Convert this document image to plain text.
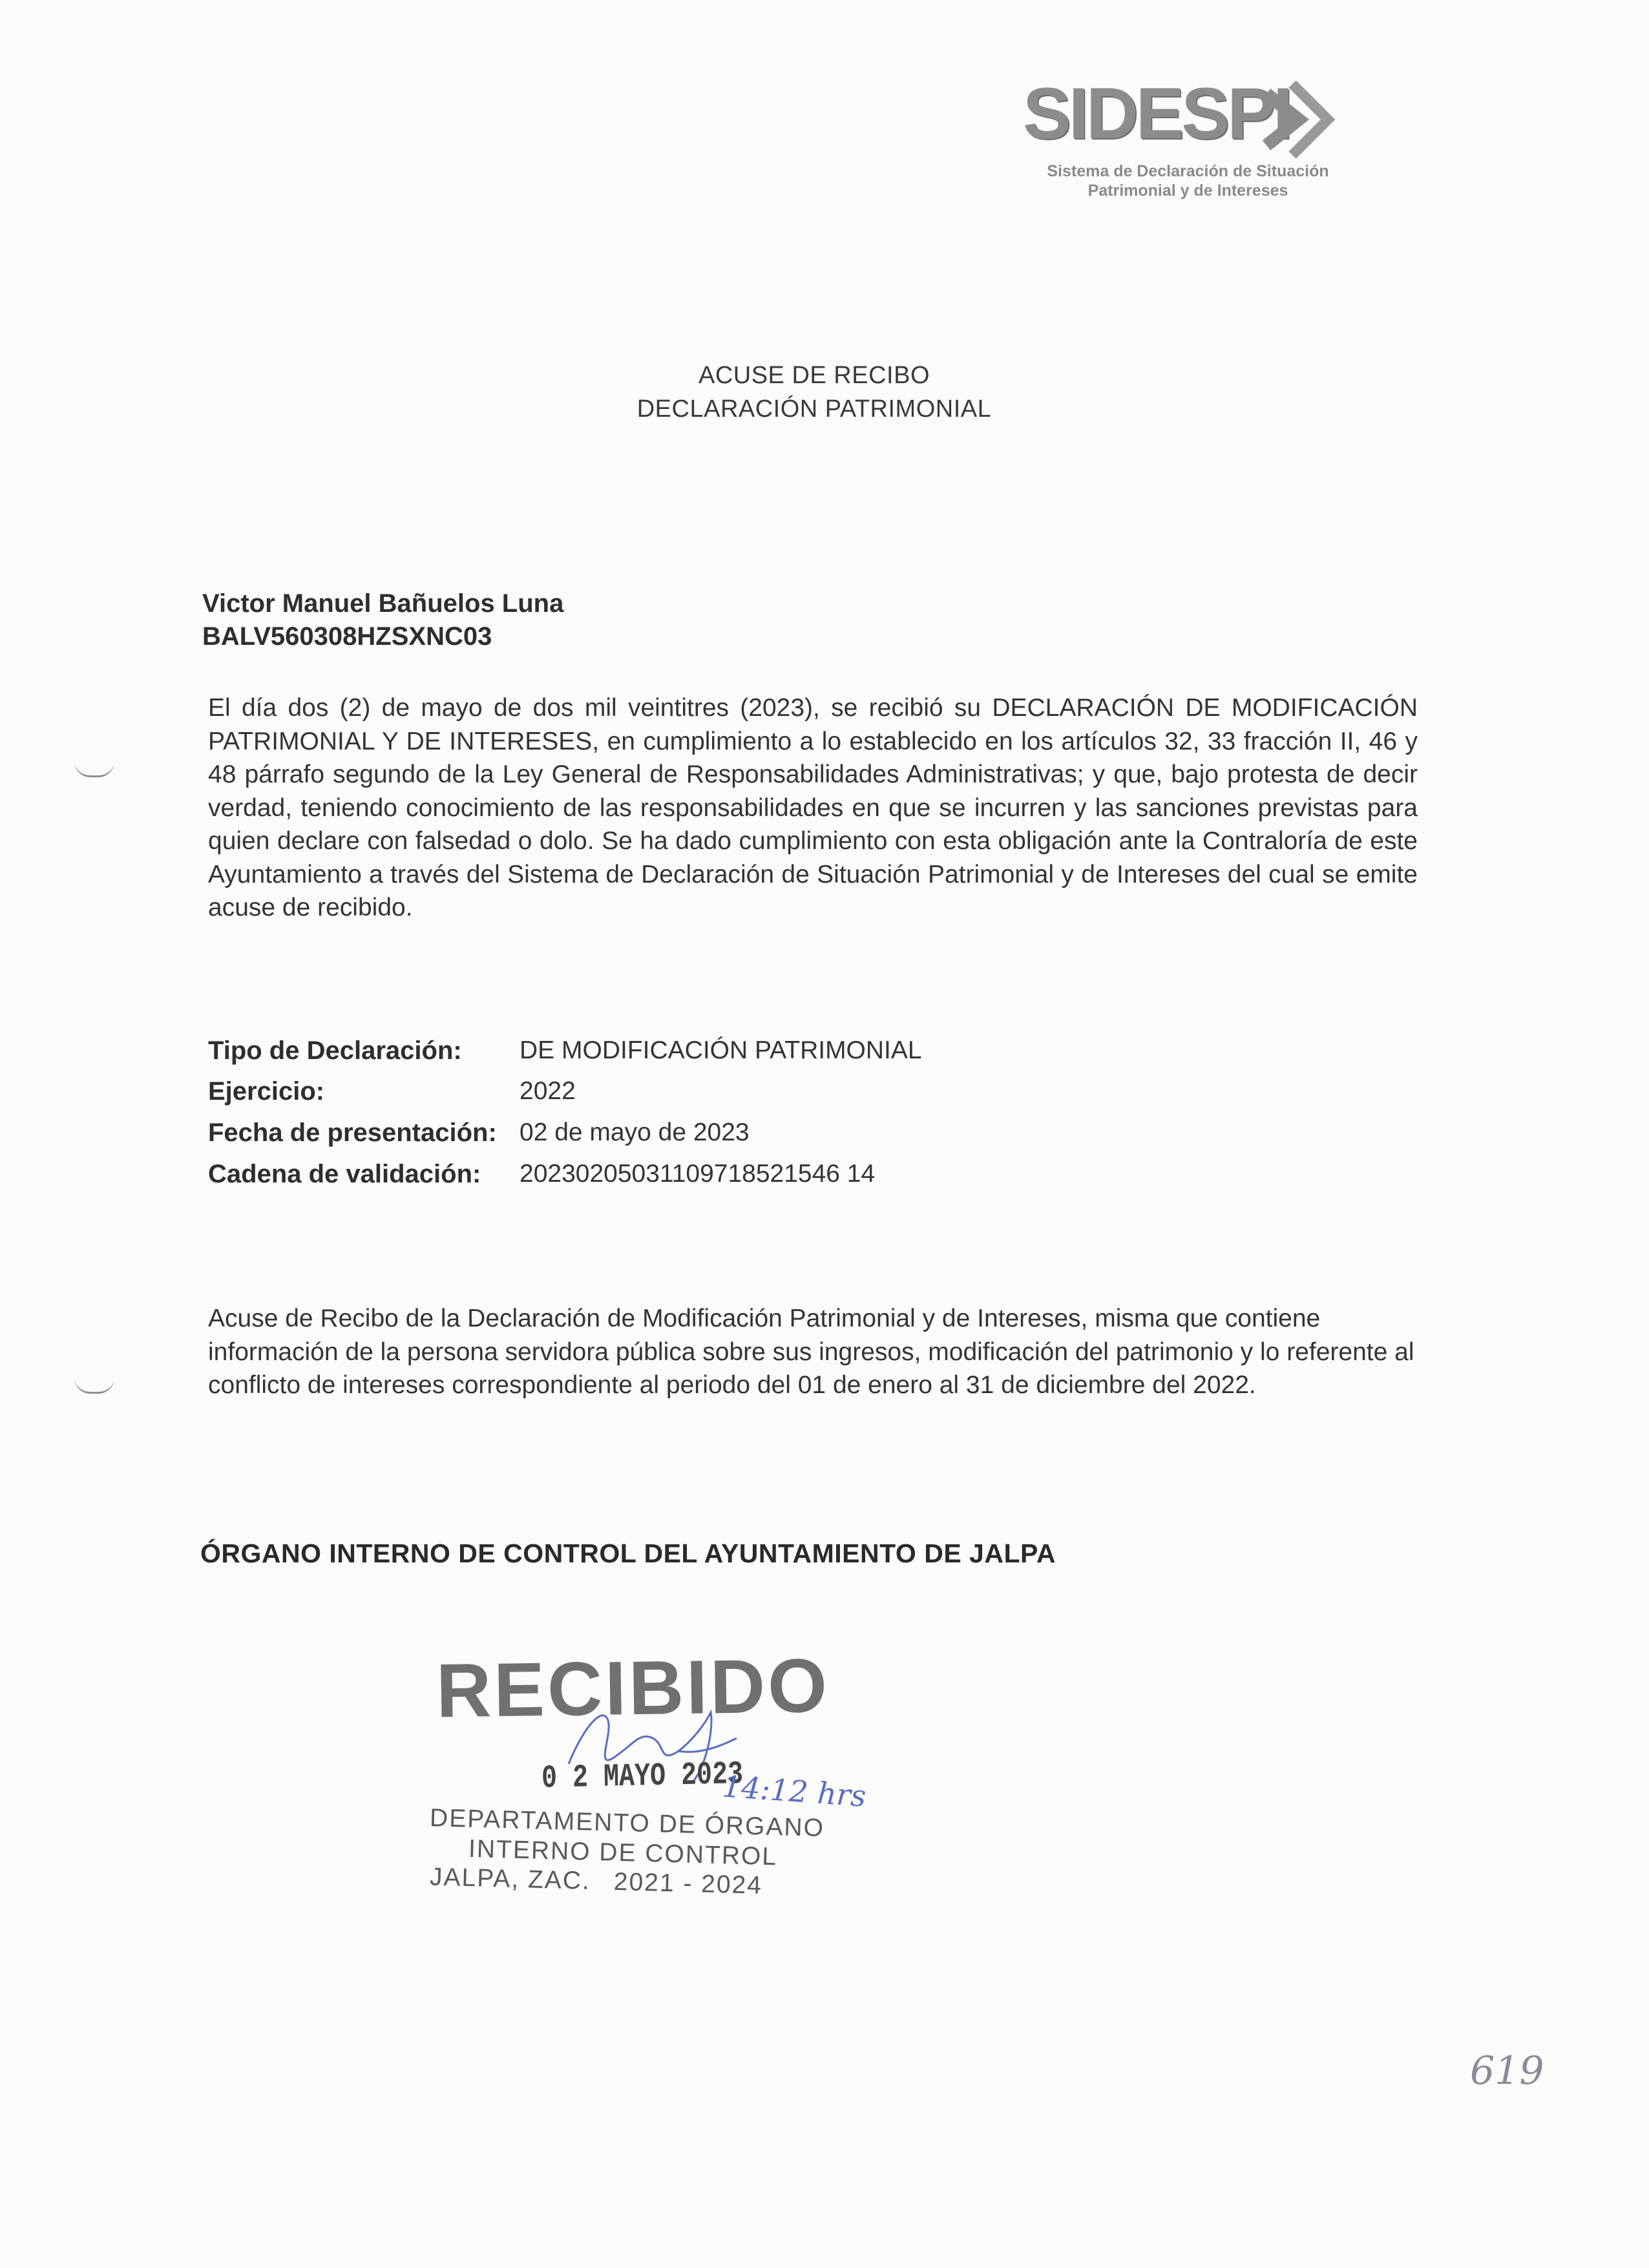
SIDESPI
Sistema de Declaración de Situación
Patrimonial y de Intereses
ACUSE DE RECIBO
DECLARACIÓN PATRIMONIAL
Victor Manuel Bañuelos Luna
BALV560308HZSXNC03
El día dos (2) de mayo de dos mil veintitres (2023), se recibió su DECLARACIÓN DE MODIFICACIÓN PATRIMONIAL Y DE INTERESES, en cumplimiento a lo establecido en los artículos 32, 33 fracción II, 46 y 48 párrafo segundo de la Ley General de Responsabilidades Administrativas; y que, bajo protesta de decir verdad, teniendo conocimiento de las responsabilidades en que se incurren y las sanciones previstas para quien declare con falsedad o dolo. Se ha dado cumplimiento con esta obligación ante la Contraloría de este Ayuntamiento a través del Sistema de Declaración de Situación Patrimonial y de Intereses del cual se emite acuse de recibido.
Tipo de Declaración: DE MODIFICACIÓN PATRIMONIAL
Ejercicio:	2022
Fecha de presentación: 02 de mayo de 2023
Cadena de validación: 20230205031109718521546 14
Acuse de Recibo de la Declaración de Modificación Patrimonial y de Intereses, misma que contiene información de la persona servidora pública sobre sus ingresos, modificación del patrimonio y lo referente al conflicto de intereses correspondiente al periodo del 01 de enero al 31 de diciembre del 2022.
ÓRGANO INTERNO DE CONTROL DEL AYUNTAMIENTO DE JALPA
RECIBIDO
0 2 MAYO 2023
14:12 hrs
DEPARTAMENTO DE ÓRGANO
INTERNO DE CONTROL
JALPA, ZAC. 2021 - 2024
619
